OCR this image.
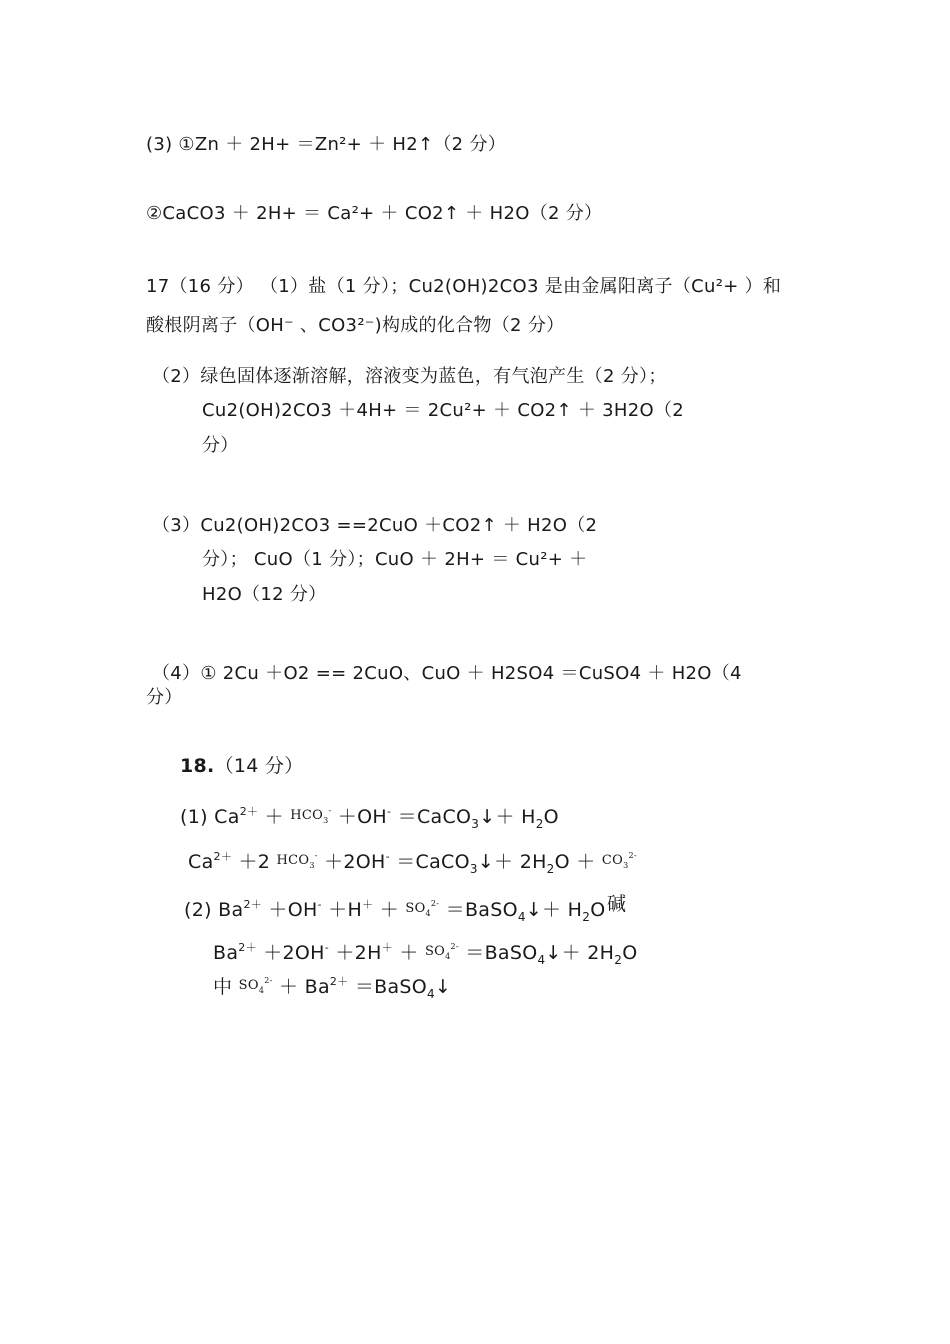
(3) ①Zn ＋ 2H+ ＝Zn²+ ＋ H2↑（2 分）
②CaCO3 ＋ 2H+ ＝ Ca²+ ＋ CO2↑ ＋ H2O（2 分）
17（16 分） （1）盐（1 分）；Cu2(OH)2CO3 是由金属阳离子（Cu²+ ）和
酸根阴离子（OH⁻ 、CO3²⁻)构成的化合物（2 分）
（2）绿色固体逐渐溶解，溶液变为蓝色，有气泡产生（2 分）；
Cu2(OH)2CO3 ＋4H+ ＝ 2Cu²+ ＋ CO2↑ ＋ 3H2O（2
分）
（3）Cu2(OH)2CO3 ==2CuO ＋CO2↑ ＋ H2O（2
分）； CuO（1 分）；CuO ＋ 2H+ ＝ Cu²+ ＋
H2O（12 分）
（4）① 2Cu ＋O2 == 2CuO、CuO ＋ H2SO4 ＝CuSO4 ＋ H2O（4
分）
18.（14 分）
(1) $Ca^{2+} + HCO_3^- +OH^-$ ＝CaCO$_3$↓＋ $H_2O$
$Ca^{2+} +2$ $HCO_3^- +2OH^-$ ＝CaCO$_3$↓＋ $2H_2O + CO_3^{2-}$
(2) $Ba^{2+} +OH^- +H^+ + SO_4^{2-}$ ＝BaSO$_4$↓＋ $H_2O$ 碱
$Ba^{2+} +2OH^- +2H^+ + SO_4^{2-}$ ＝BaSO$_4$↓＋ $2H_2O$
中 $SO_4^{2-} + Ba^{2+}$ ＝BaSO$_4$↓
